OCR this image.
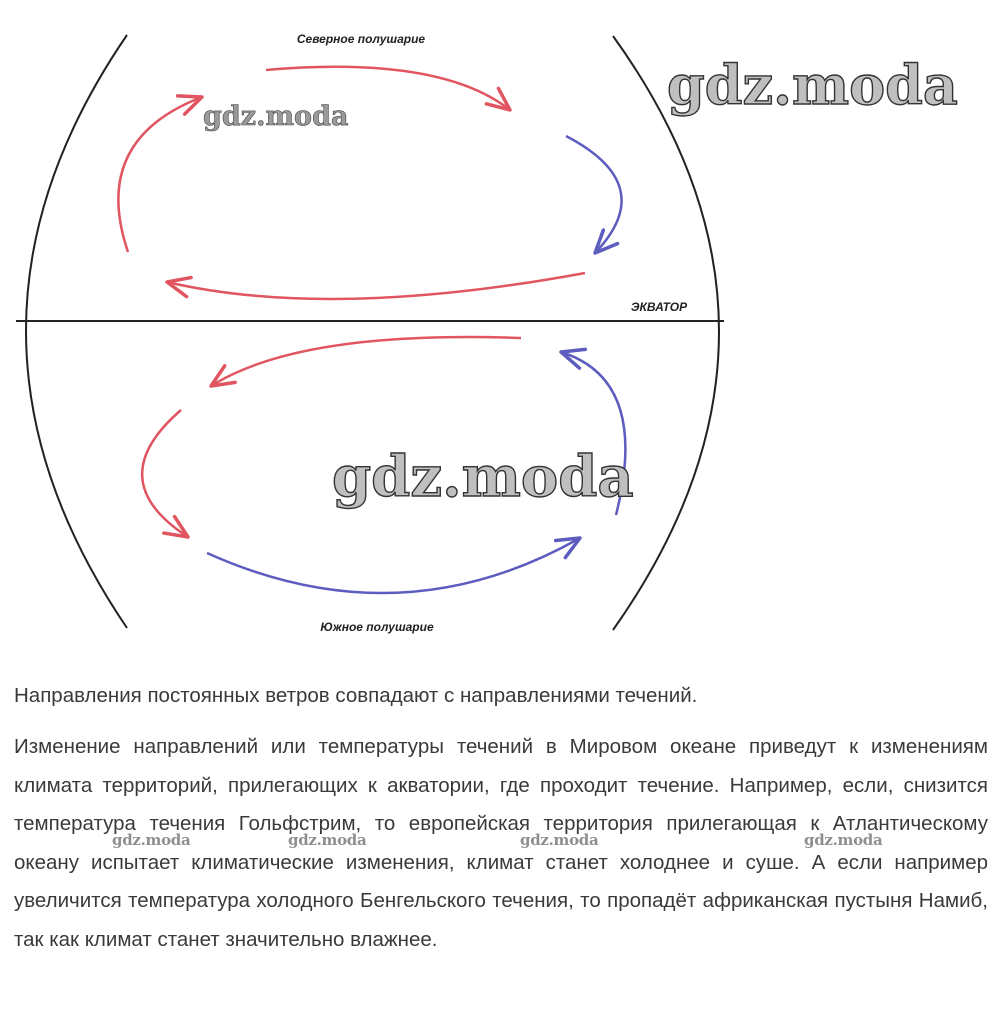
Северное полушарие
ЭКВАТОР
Южное полушарие
gdz.moda
gdz.moda
gdz.moda
Направления постоянных ветров совпадают с направлениями течений.
Изменение направлений или температуры течений в Мировом океане приведут к изменениям климата территорий, прилегающих к акватории, где проходит течение. Например, если, снизится температура течения Гольфстрим, то европейская территория прилегающая к Атлантическому океану испытает климатические изменения, климат станет холоднее и суше. А если например увеличится температура холодного Бенгельского течения, то пропадёт африканская пустыня Намиб, так как климат станет значительно влажнее.
gdz.moda	gdz.moda	gdz.moda	gdz.moda
